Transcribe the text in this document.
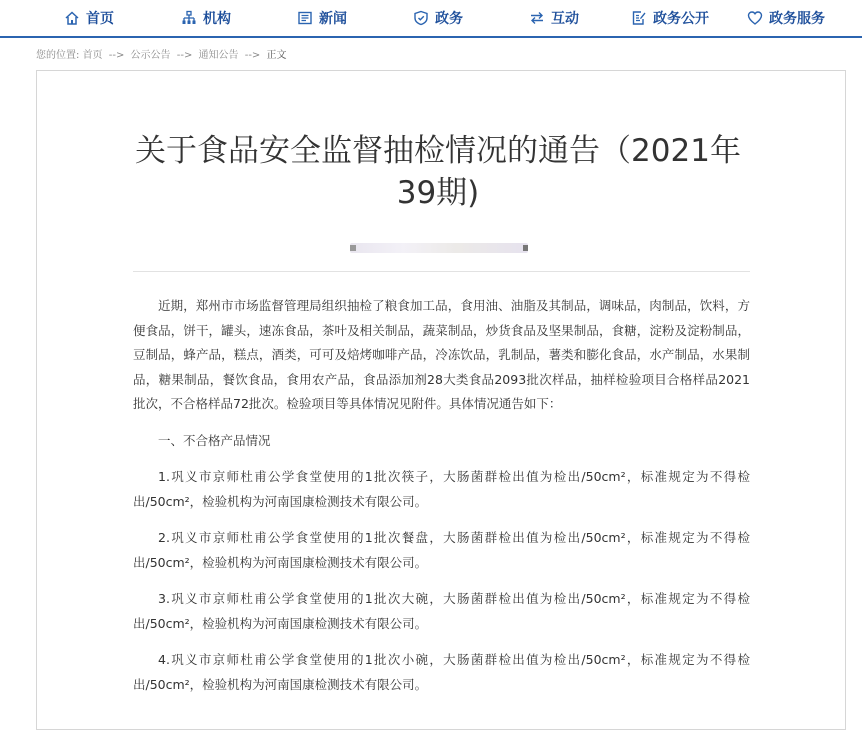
首页	机构	新闻	政务	互动	政务公开	政务服务
您的位置: 首页 --> 公示公告 --> 通知公告 --> 正文
关于食品安全监督抽检情况的通告（2021年39期)

近期，郑州市市场监督管理局组织抽检了粮食加工品，食用油、油脂及其制品，调味品，肉制品，饮料，方便食品，饼干，罐头，速冻食品，茶叶及相关制品，蔬菜制品，炒货食品及坚果制品，食糖，淀粉及淀粉制品，豆制品，蜂产品，糕点，酒类，可可及焙烤咖啡产品，冷冻饮品，乳制品，薯类和膨化食品，水产制品，水果制品，糖果制品，餐饮食品，食用农产品，食品添加剂28大类食品2093批次样品，抽样检验项目合格样品2021批次，不合格样品72批次。检验项目等具体情况见附件。具体情况通告如下：

一、不合格产品情况

1.巩义市京师杜甫公学食堂使用的1批次筷子，大肠菌群检出值为检出/50cm²，标准规定为不得检出/50cm²，检验机构为河南国康检测技术有限公司。

2.巩义市京师杜甫公学食堂使用的1批次餐盘，大肠菌群检出值为检出/50cm²，标准规定为不得检出/50cm²，检验机构为河南国康检测技术有限公司。

3.巩义市京师杜甫公学食堂使用的1批次大碗，大肠菌群检出值为检出/50cm²，标准规定为不得检出/50cm²，检验机构为河南国康检测技术有限公司。

4.巩义市京师杜甫公学食堂使用的1批次小碗，大肠菌群检出值为检出/50cm²，标准规定为不得检出/50cm²，检验机构为河南国康检测技术有限公司。
